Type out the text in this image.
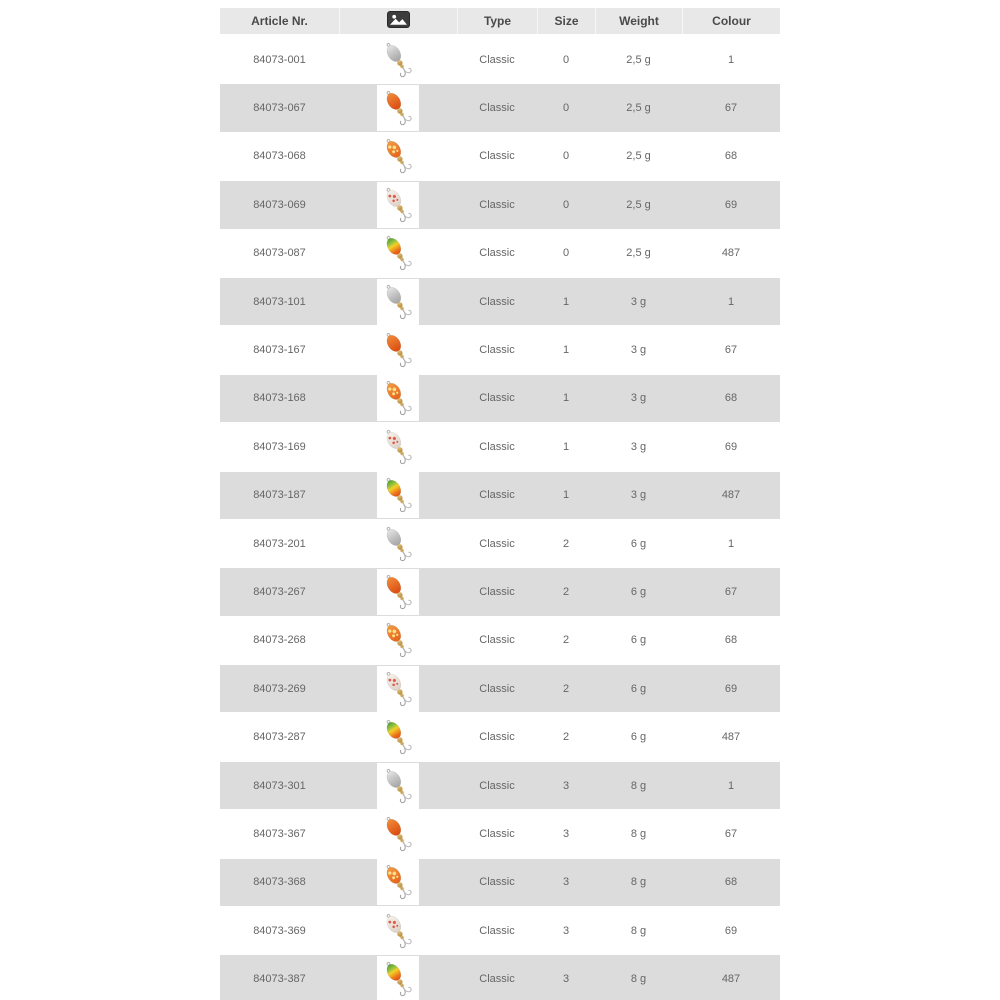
Article Nr.	Type	Size	Weight	Colour
84073-001	Classic	0	2,5 g	1
84073-067	Classic	0	2,5 g	67
84073-068	Classic	0	2,5 g	68
84073-069	Classic	0	2,5 g	69
84073-087	Classic	0	2,5 g	487
84073-101	Classic	1	3 g	1
84073-167	Classic	1	3 g	67
84073-168	Classic	1	3 g	68
84073-169	Classic	1	3 g	69
84073-187	Classic	1	3 g	487
84073-201	Classic	2	6 g	1
84073-267	Classic	2	6 g	67
84073-268	Classic	2	6 g	68
84073-269	Classic	2	6 g	69
84073-287	Classic	2	6 g	487
84073-301	Classic	3	8 g	1
84073-367	Classic	3	8 g	67
84073-368	Classic	3	8 g	68
84073-369	Classic	3	8 g	69
84073-387	Classic	3	8 g	487
